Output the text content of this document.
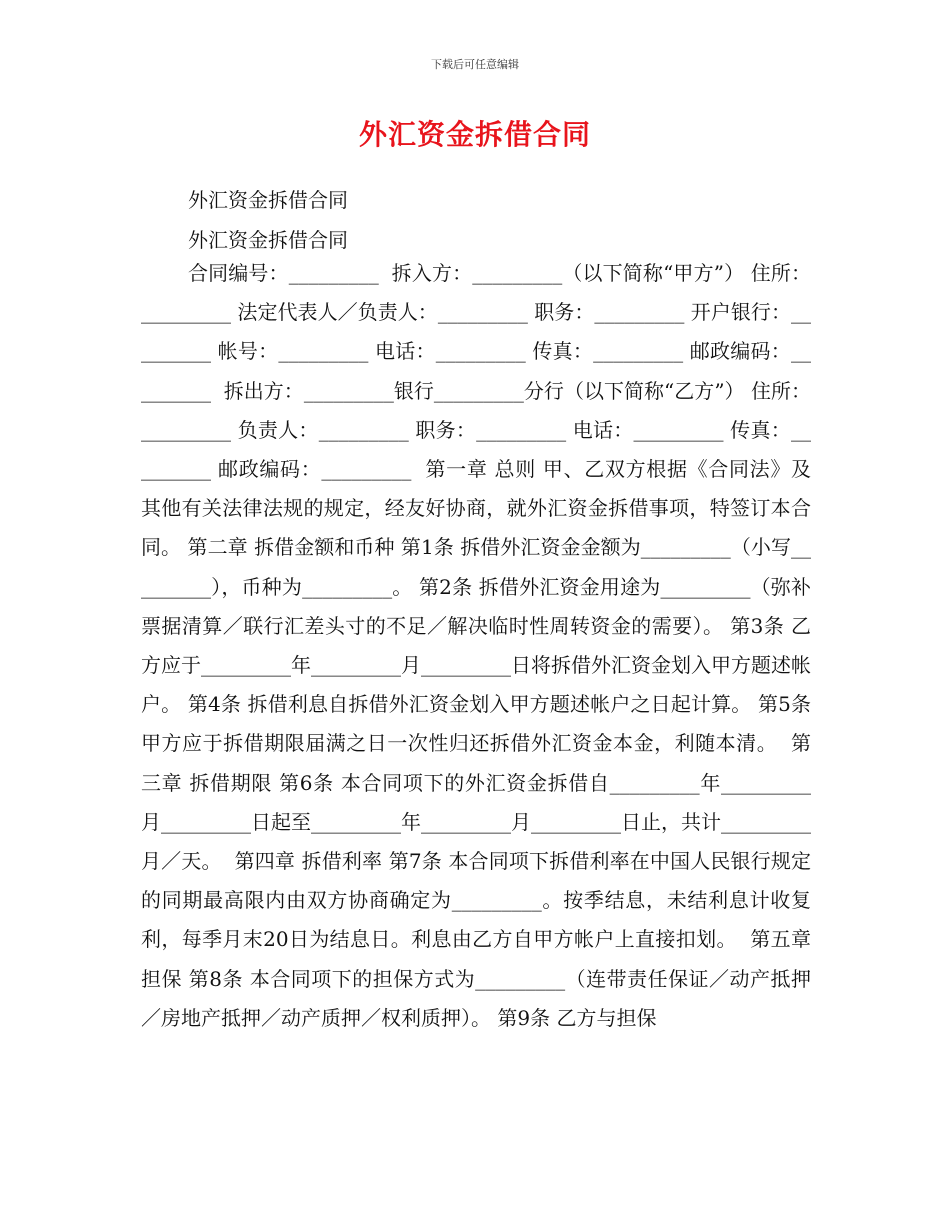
下载后可任意编辑
外汇资金拆借合同
外汇资金拆借合同
外汇资金拆借合同

合同编号：_________  拆入方：_________（以下简称“甲方”） 住所：_________ 法定代表人／负责人：_________ 职务：_________ 开户银行：_________ 帐号：_________ 电话：_________ 传真：_________ 邮政编码：_________  拆出方：_________银行_________分行（以下简称“乙方”） 住所：_________ 负责人：_________ 职务：_________ 电话：_________ 传真：_________ 邮政编码：_________  第一章 总则 甲、乙双方根据《合同法》及其他有关法律法规的规定，经友好协商，就外汇资金拆借事项，特签订本合同。 第二章 拆借金额和币种 第1条 拆借外汇资金金额为_________（小写_________），币种为_________。 第2条 拆借外汇资金用途为_________（弥补票据清算／联行汇差头寸的不足／解决临时性周转资金的需要）。 第3条 乙方应于_________年_________月_________日将拆借外汇资金划入甲方题述帐户。 第4条 拆借利息自拆借外汇资金划入甲方题述帐户之日起计算。 第5条 甲方应于拆借期限届满之日一次性归还拆借外汇资金本金，利随本清。  第三章 拆借期限 第6条 本合同项下的外汇资金拆借自_________年_________月_________日起至_________年_________月_________日止，共计_________月／天。  第四章 拆借利率 第7条 本合同项下拆借利率在中国人民银行规定的同期最高限内由双方协商确定为_________。按季结息，未结利息计收复利，每季月末20日为结息日。利息由乙方自甲方帐户上直接扣划。  第五章 担保 第8条 本合同项下的担保方式为_________（连带责任保证／动产抵押／房地产抵押／动产质押／权利质押）。 第9条 乙方与担保
